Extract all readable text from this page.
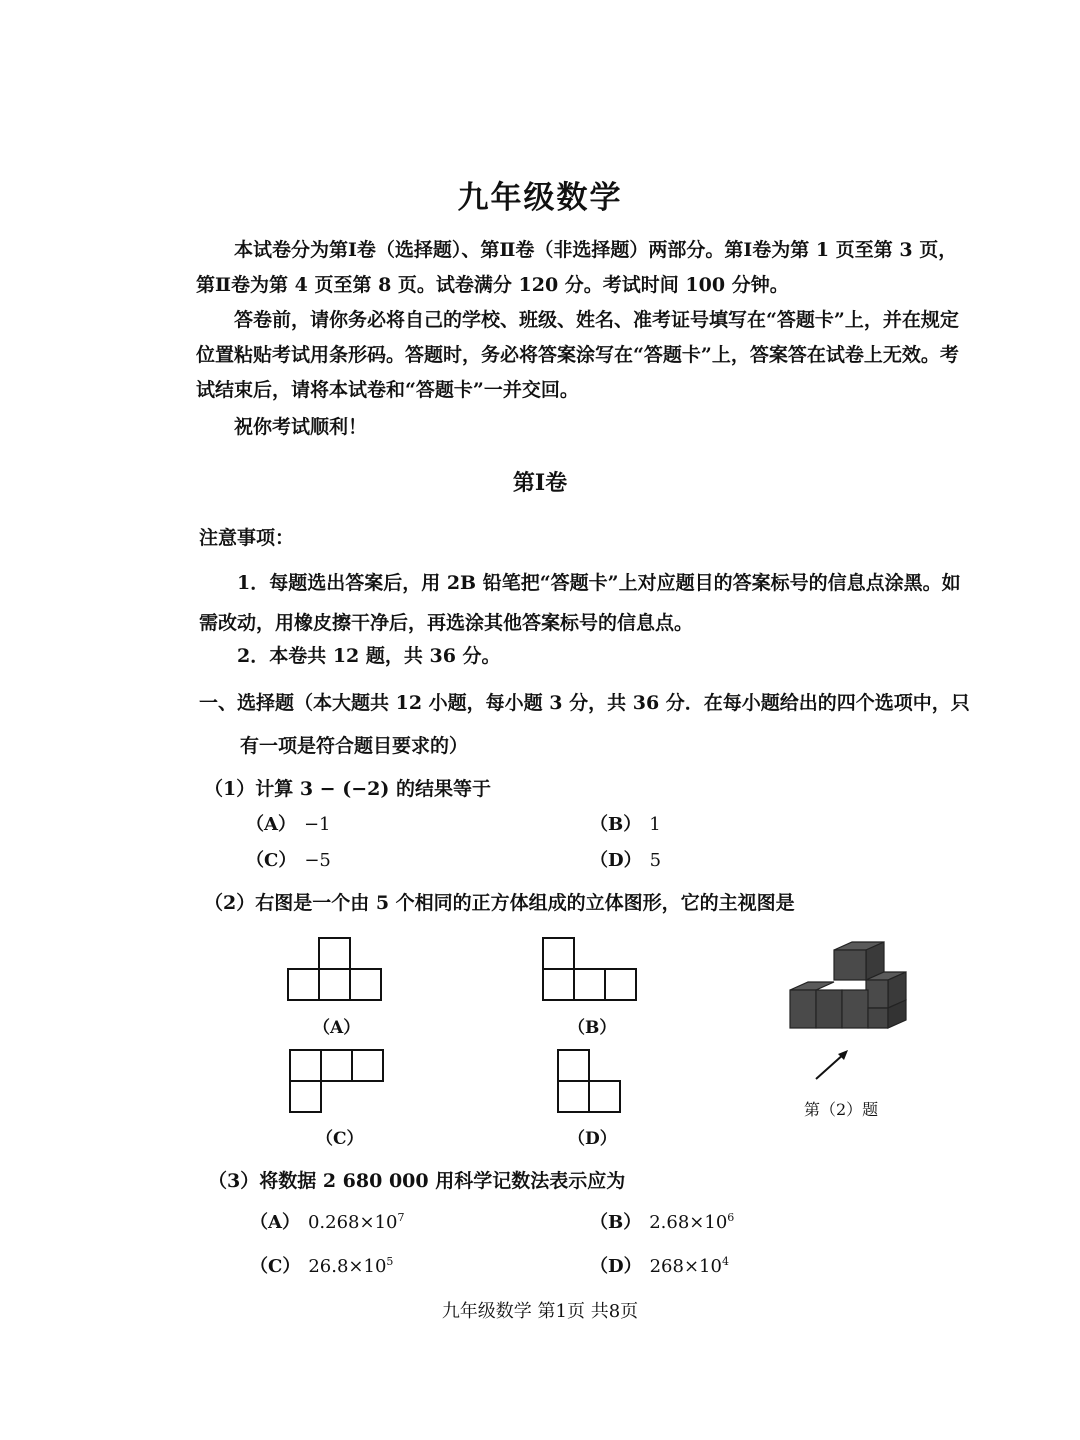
九年级数学
本试卷分为第Ⅰ卷（选择题）、第Ⅱ卷（非选择题）两部分。第Ⅰ卷为第 1 页至第 3 页，第Ⅱ卷为第 4 页至第 8 页。试卷满分 120 分。考试时间 100 分钟。
答卷前，请你务必将自己的学校、班级、姓名、准考证号填写在“答题卡”上，并在规定位置粘贴考试用条形码。答题时，务必将答案涂写在“答题卡”上，答案答在试卷上无效。考试结束后，请将本试卷和“答题卡”一并交回。
祝你考试顺利！
第Ⅰ卷
注意事项：
1．每题选出答案后，用 2B 铅笔把“答题卡”上对应题目的答案标号的信息点涂黑。如需改动，用橡皮擦干净后，再选涂其他答案标号的信息点。
2．本卷共 12 题，共 36 分。
一、选择题（本大题共 12 小题，每小题 3 分，共 36 分．在每小题给出的四个选项中，只
有一项是符合题目要求的）
（1）计算 3 − (−2) 的结果等于
（A） −1	（B） 1
（C） −5	（D） 5
（2）右图是一个由 5 个相同的正方体组成的立体图形，它的主视图是
（A）	（B）
（C）	（D）
第（2）题
（3）将数据 2 680 000 用科学记数法表示应为
（A） $0.268\times 10^7$	（B） $2.68\times 10^6$
（C） $26.8\times 10^5$	（D） $268\times 10^4$
九年级数学 第1页 共8页
